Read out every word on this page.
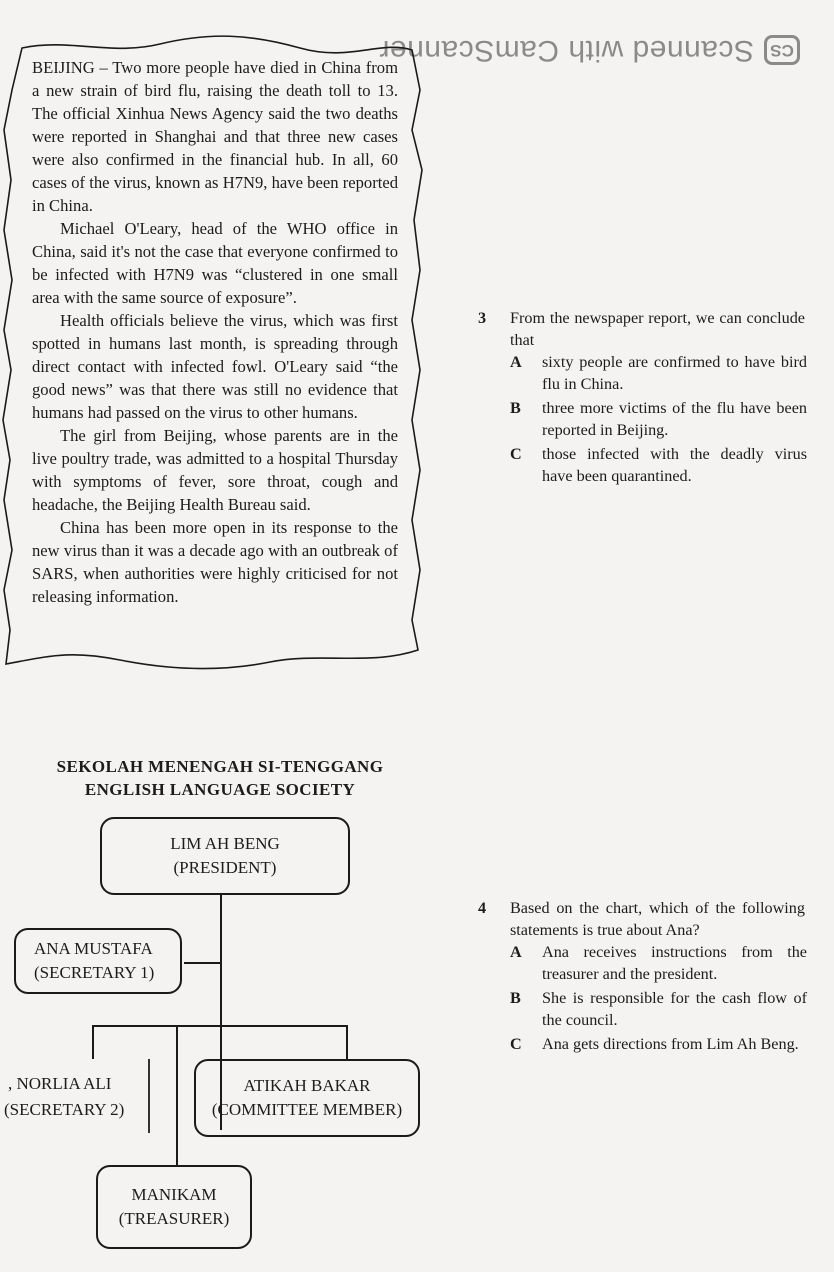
CS
Scanned with CamScanner

BEIJING – Two more people have died in China from a new strain of bird flu, raising the death toll to 13. The official Xinhua News Agency said the two deaths were reported in Shanghai and that three new cases were also confirmed in the financial hub. In all, 60 cases of the virus, known as H7N9, have been reported in China.

Michael O'Leary, head of the WHO office in China, said it's not the case that everyone confirmed to be infected with H7N9 was “clustered in one small area with the same source of exposure”.

Health officials believe the virus, which was first spotted in humans last month, is spreading through direct contact with infected fowl. O'Leary said “the good news” was that there was still no evidence that humans had passed on the virus to other humans.

The girl from Beijing, whose parents are in the live poultry trade, was admitted to a hospital Thursday with symptoms of fever, sore throat, cough and headache, the Beijing Health Bureau said.

China has been more open in its response to the new virus than it was a decade ago with an outbreak of SARS, when authorities were highly criticised for not releasing information.

3 From the newspaper report, we can conclude that
A sixty people are confirmed to have bird flu in China.
B three more victims of the flu have been reported in Beijing.
C those infected with the deadly virus have been quarantined.
SEKOLAH MENENGAH SI-TENGGANG
ENGLISH LANGUAGE SOCIETY
LIM AH BENG
(PRESIDENT)
ANA MUSTAFA
(SECRETARY 1)
, NORLIA ALI
(SECRETARY 2)
ATIKAH BAKAR
(COMMITTEE MEMBER)
MANIKAM
(TREASURER)
4 Based on the chart, which of the following statements is true about Ana?
A Ana receives instructions from the treasurer and the president.
B She is responsible for the cash flow of the council.
C Ana gets directions from Lim Ah Beng.
